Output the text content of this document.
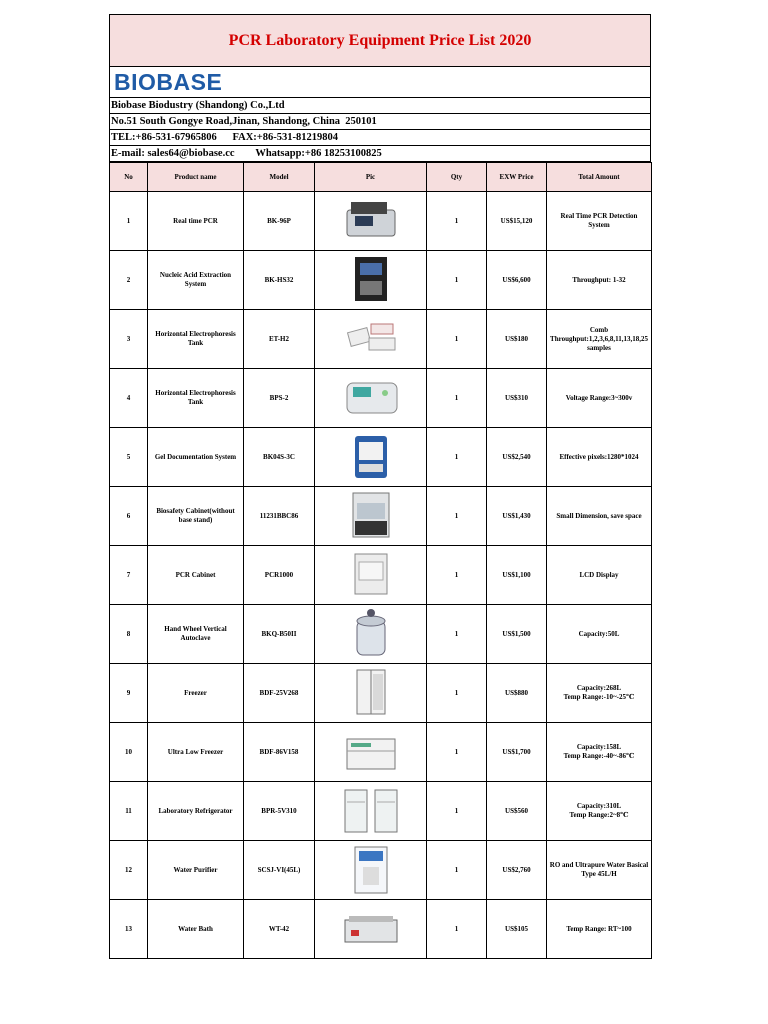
PCR Laboratory Equipment Price List 2020
BIOBASE
Biobase Biodustry (Shandong) Co.,Ltd
No.51 South Gongye Road,Jinan, Shandong, China  250101
TEL:+86-531-67965806      FAX:+86-531-81219804
E-mail: sales64@biobase.cc        Whatsapp:+86 18253100825
No	Product name	Model	Pic	Qty	EXW Price	Total Amount
1	Real time PCR	BK-96P		1	US$15,120	Real Time PCR Detection System
2	Nucleic Acid Extraction System	BK-HS32		1	US$6,600	Throughput: 1-32
3	Horizontal Electrophoresis Tank	ET-H2		1	US$180	Comb Throughput:1,2,3,6,8,11,13,18,25 samples
4	Horizontal Electrophoresis Tank	BPS-2		1	US$310	Voltage Range:3~300v
5	Gel Documentation System	BK04S-3C		1	US$2,540	Effective pixels:1280*1024
6	Biosafety Cabinet(without base stand)	11231BBC86		1	US$1,430	Small Dimension, save space
7	PCR Cabinet	PCR1000		1	US$1,100	LCD Display
8	Hand Wheel Vertical Autoclave	BKQ-B50II		1	US$1,500	Capacity:50L
9	Freezer	BDF-25V268		1	US$880	Capacity:268L
Temp Range:-10~-25℃
10	Ultra Low Freezer	BDF-86V158		1	US$1,700	Capacity:158L
Temp Range:-40~-86℃
11	Laboratory Refrigerator	BPR-5V310		1	US$560	Capacity:310L
Temp Range:2~8℃
12	Water Purifier	SCSJ-VI(45L)		1	US$2,760	RO and Ultrapure Water Basical Type 45L/H
13	Water Bath	WT-42		1	US$105	Temp Range: RT~100
